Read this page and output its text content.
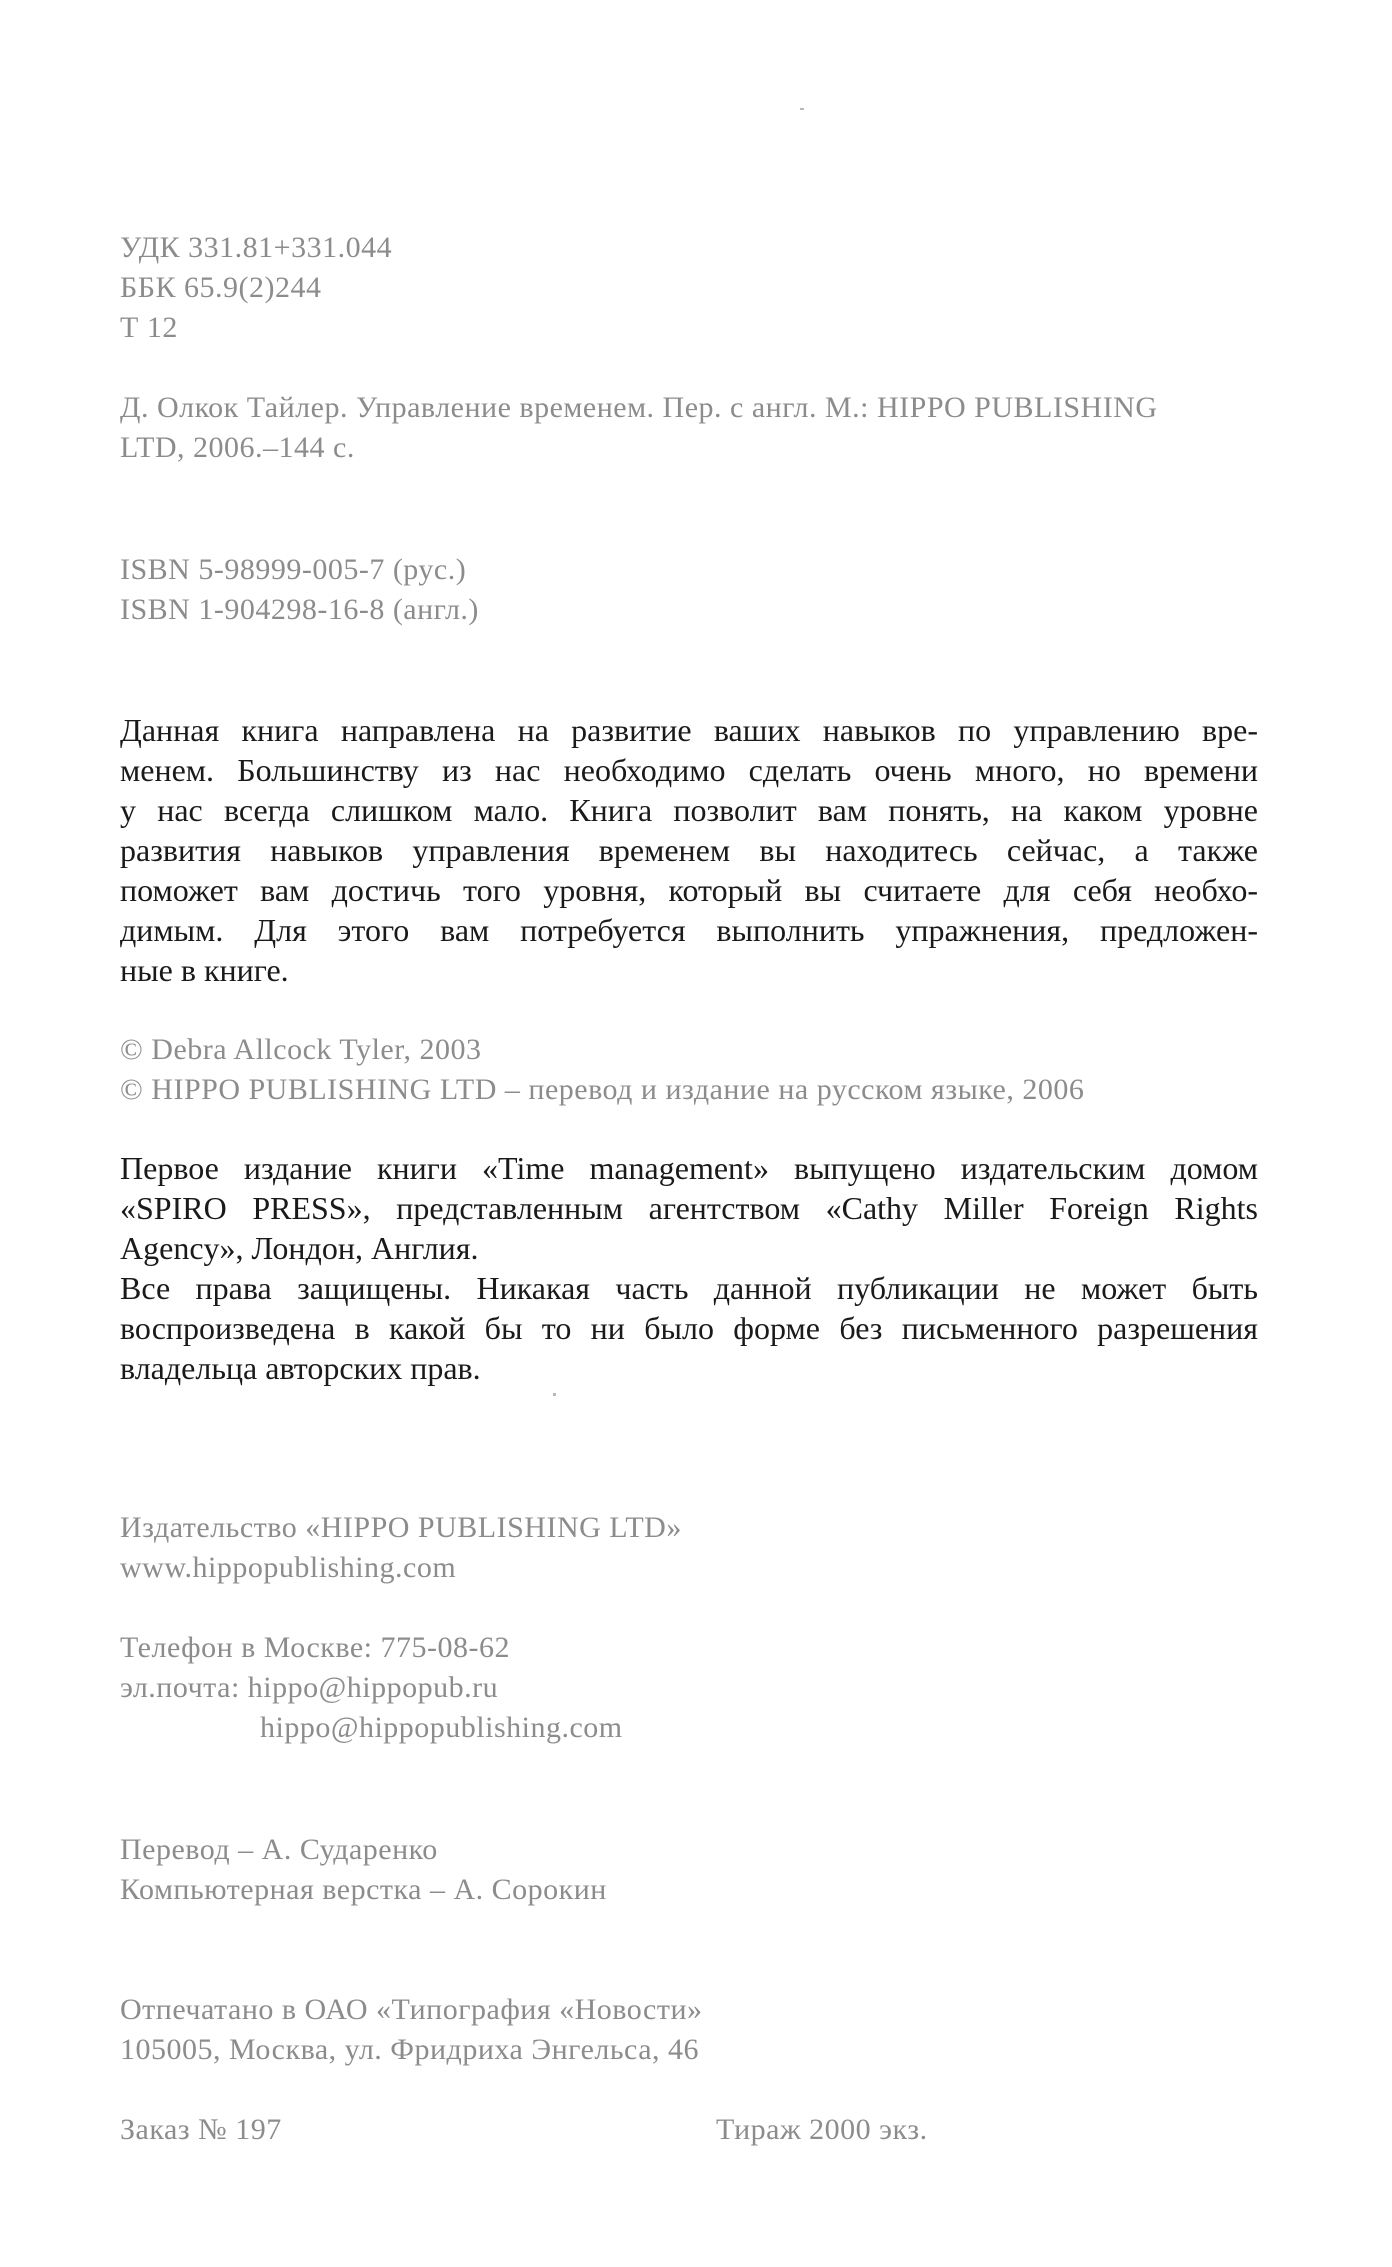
УДК 331.81+331.044
ББК 65.9(2)244
Т 12
Д. Олкок Тайлер. Управление временем. Пер. с англ. М.: HIPPO PUBLISHING
LTD, 2006.–144 с.
ISBN 5-98999-005-7 (рус.)
ISBN 1-904298-16-8 (англ.)
Данная книга направлена на развитие ваших навыков по управлению вре-
менем. Большинству из нас необходимо сделать очень много, но времени
у нас всегда слишком мало. Книга позволит вам понять, на каком уровне
развития навыков управления временем вы находитесь сейчас, а также
поможет вам достичь того уровня, который вы считаете для себя необхо-
димым. Для этого вам потребуется выполнить упражнения, предложен-
ные в книге.
© Debra Allcock Tyler, 2003
© HIPPO PUBLISHING LTD – перевод и издание на русском языке, 2006
Первое издание книги «Time management» выпущено издательским домом
«SPIRO PRESS», представленным агентством «Cathy Miller Foreign Rights
Agency», Лондон, Англия.
Все права защищены. Никакая часть данной публикации не может быть
воспроизведена в какой бы то ни было форме без письменного разрешения
владельца авторских прав.
Издательство «HIPPO PUBLISHING LTD»
www.hippopublishing.com
Телефон в Москве: 775-08-62
эл.почта: hippo@hippopub.ru
hippo@hippopublishing.com
Перевод – А. Сударенко
Компьютерная верстка – А. Сорокин
Отпечатано в ОАО «Типография «Новости»
105005, Москва, ул. Фридриха Энгельса, 46
Заказ № 197	Тираж 2000 экз.
